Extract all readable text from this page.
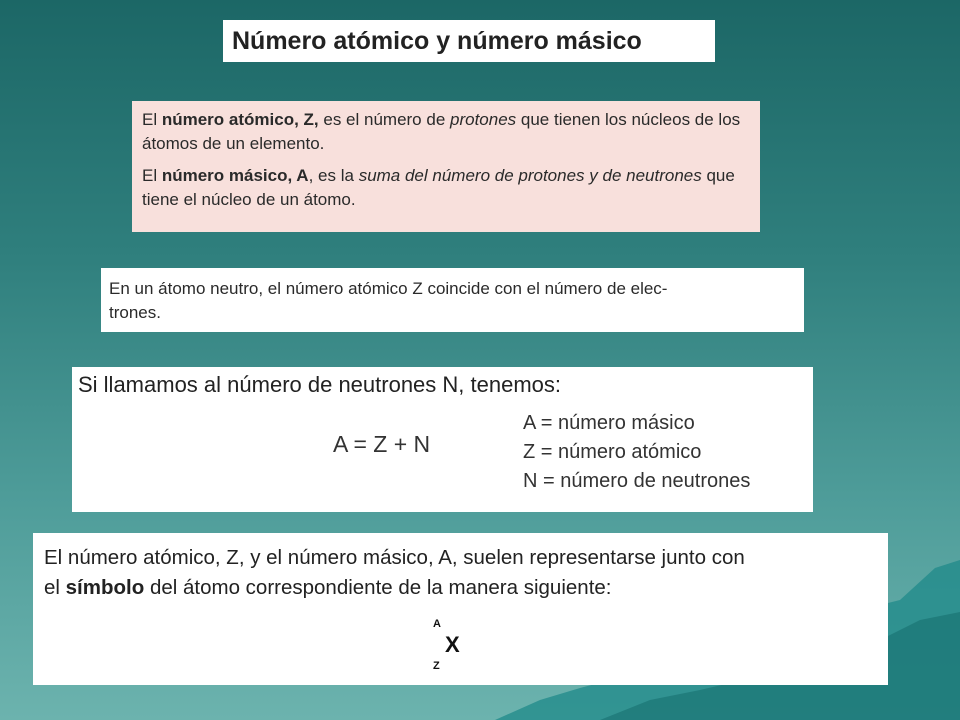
Número atómico y número másico

El número atómico, Z, es el número de protones que tienen los núcleos de los átomos de un elemento.

El número másico, A, es la suma del número de protones y de neutrones que tiene el núcleo de un átomo.

En un átomo neutro, el número atómico Z coincide con el número de elec-
trones.

Si llamamos al número de neutrones N, tenemos:
A = Z + N
A = número másico
Z = número atómico
N = número de neutrones
El número atómico, Z, y el número másico, A, suelen representarse junto con
el símbolo del átomo correspondiente de la manera siguiente:
A
X
Z
